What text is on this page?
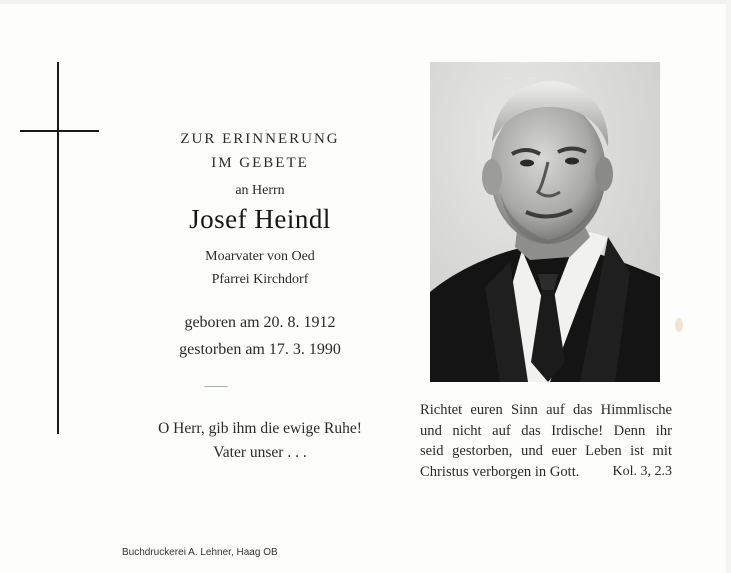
ZUR ERINNERUNG
IM GEBETE
an Herrn
Josef Heindl
Moarvater von Oed
Pfarrei Kirchdorf
geboren am 20. 8. 1912
gestorben am 17. 3. 1990
O Herr, gib ihm die ewige Ruhe!
Vater unser . . .
Richtet euren Sinn auf das Himmlische
und nicht auf das Irdische! Denn ihr
seid gestorben, und euer Leben ist mit
Christus verborgen in Gott. Kol. 3, 2.3
Buchdruckerei A. Lehner, Haag OB
